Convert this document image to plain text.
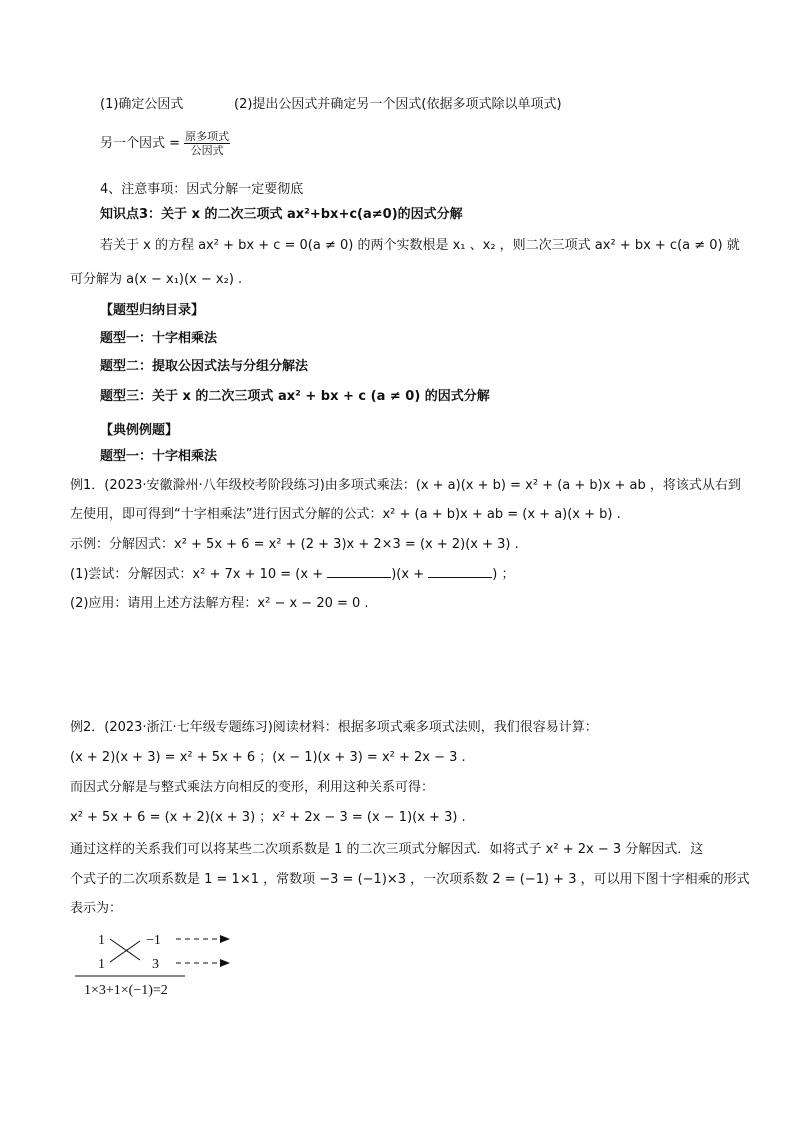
(1)确定公因式	(2)提出公因式并确定另一个因式(依据多项式除以单项式)
另一个因式 = $\frac{\text{原多项式}}{\text{公因式}}$
4、注意事项：因式分解一定要彻底
知识点3：关于 x 的二次三项式 ax²+bx+c(a≠0)的因式分解
若关于 x 的方程 ax² + bx + c = 0(a ≠ 0) 的两个实数根是 x₁ 、x₂ ，则二次三项式 ax² + bx + c(a ≠ 0) 就
可分解为 a(x − x₁)(x − x₂) .
【题型归纳目录】
题型一：十字相乘法
题型二：提取公因式法与分组分解法
题型三：关于 x 的二次三项式 ax² + bx + c (a ≠ 0) 的因式分解
【典例例题】
题型一：十字相乘法
例1．(2023·安徽滁州·八年级校考阶段练习)由多项式乘法：(x + a)(x + b) = x² + (a + b)x + ab ，将该式从右到
左使用，即可得到“十字相乘法”进行因式分解的公式：x² + (a + b)x + ab = (x + a)(x + b) .
示例：分解因式：x² + 5x + 6 = x² + (2 + 3)x + 2×3 = (x + 2)(x + 3) .
(1)尝试：分解因式：x² + 7x + 10 = (x +	)(x +	) ；
(2)应用：请用上述方法解方程：x² − x − 20 = 0 .
例2．(2023·浙江·七年级专题练习)阅读材料：根据多项式乘多项式法则，我们很容易计算：
(x + 2)(x + 3) = x² + 5x + 6 ；(x − 1)(x + 3) = x² + 2x − 3 .
而因式分解是与整式乘法方向相反的变形，利用这种关系可得：
x² + 5x + 6 = (x + 2)(x + 3) ；x² + 2x − 3 = (x − 1)(x + 3) .
通过这样的关系我们可以将某些二次项系数是 1 的二次三项式分解因式．如将式子 x² + 2x − 3 分解因式．这
个式子的二次项系数是 1 = 1×1 ，常数项 −3 = (−1)×3 ，一次项系数 2 = (−1) + 3 ，可以用下图十字相乘的形式
表示为：
1	−1
1	3
1×3+1×(−1)=2
